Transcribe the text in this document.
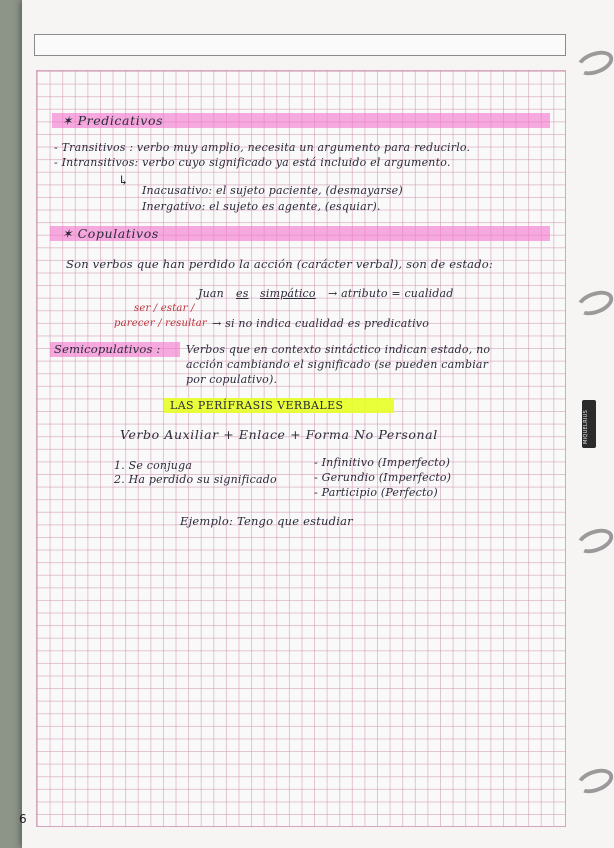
✶ Predicativos
- Transitivos : verbo muy amplio, necesita un argumento para reducirlo.
- Intransitivos: verbo cuyo significado ya está incluido el argumento.
↳
Inacusativo: el sujeto paciente, (desmayarse)
Inergativo: el sujeto es agente, (esquiar).
✶ Copulativos
Son verbos que han perdido la acción (carácter verbal), son de estado:
Juan es simpático → atributo = cualidad
ser / estar /
parecer / resultar → si no indica cualidad es predicativo
Semicopulativos : Verbos que en contexto sintáctico indican estado, no
acción cambiando el significado (se pueden cambiar
por copulativo).
LAS PERÍFRASIS VERBALES
Verbo Auxiliar + Enlace + Forma No Personal
1. Se conjuga
2. Ha perdido su significado
- Infinitivo (Imperfecto)
- Gerundio (Imperfecto)
- Participio (Perfecto)
Ejemplo: Tengo que estudiar
6
MIQUELRIUS
